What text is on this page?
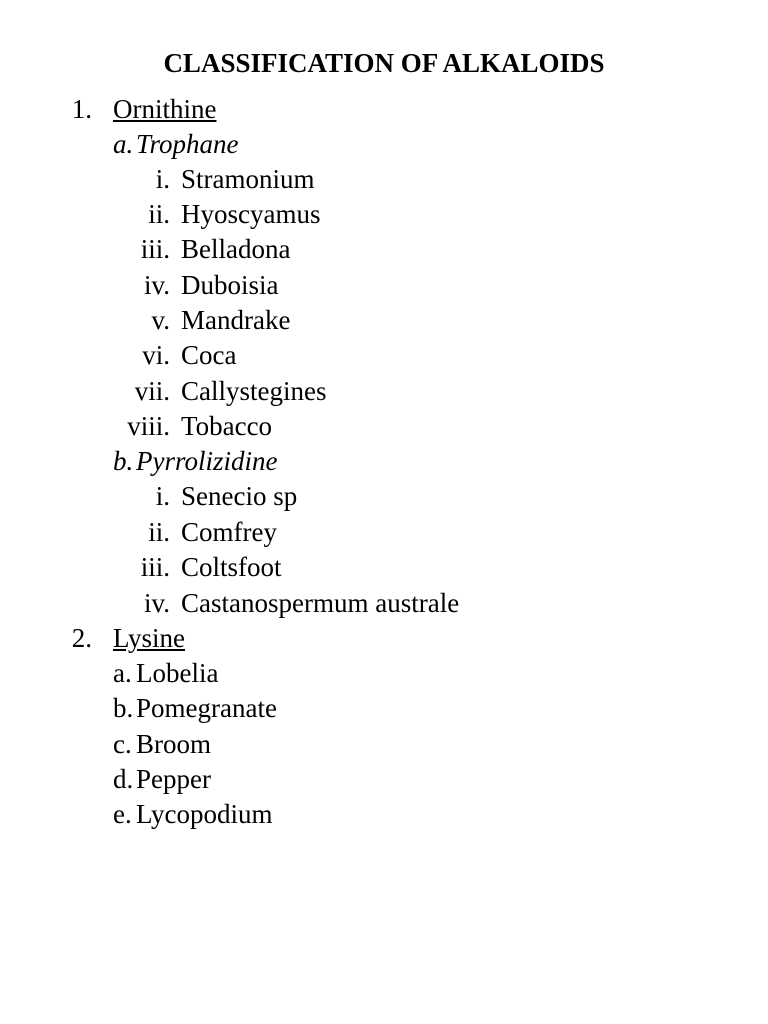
CLASSIFICATION OF ALKALOIDS
1. Ornithine
a. Trophane
i. Stramonium
ii. Hyoscyamus
iii. Belladona
iv. Duboisia
v. Mandrake
vi. Coca
vii. Callystegines
viii. Tobacco
b. Pyrrolizidine
i. Senecio sp
ii. Comfrey
iii. Coltsfoot
iv. Castanospermum australe
2. Lysine
a. Lobelia
b. Pomegranate
c. Broom
d. Pepper
e. Lycopodium
